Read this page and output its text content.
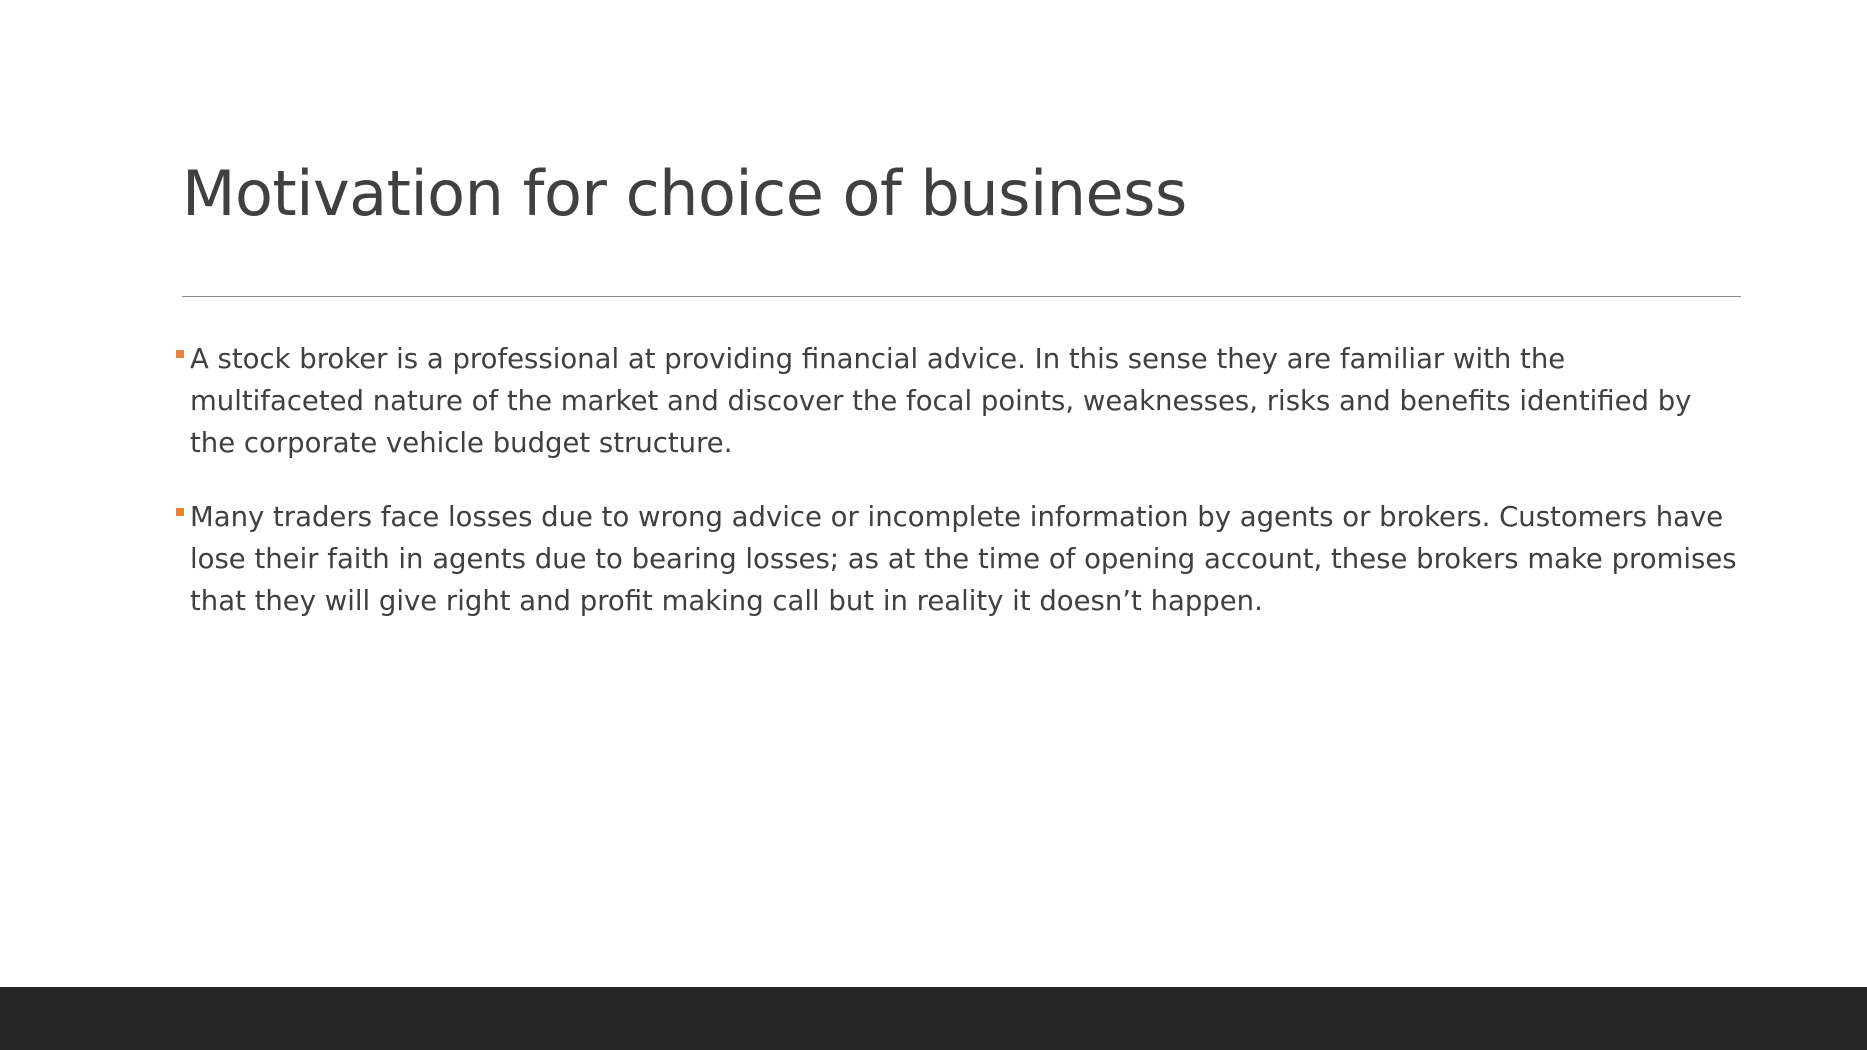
Motivation for choice of business
A stock broker is a professional at providing financial advice. In this sense they are familiar with the multifaceted nature of the market and discover the focal points, weaknesses, risks and benefits identified by the corporate vehicle budget structure.
Many traders face losses due to wrong advice or incomplete information by agents or brokers. Customers have lose their faith in agents due to bearing losses; as at the time of opening account, these brokers make promises that they will give right and profit making call but in reality it doesn’t happen.
